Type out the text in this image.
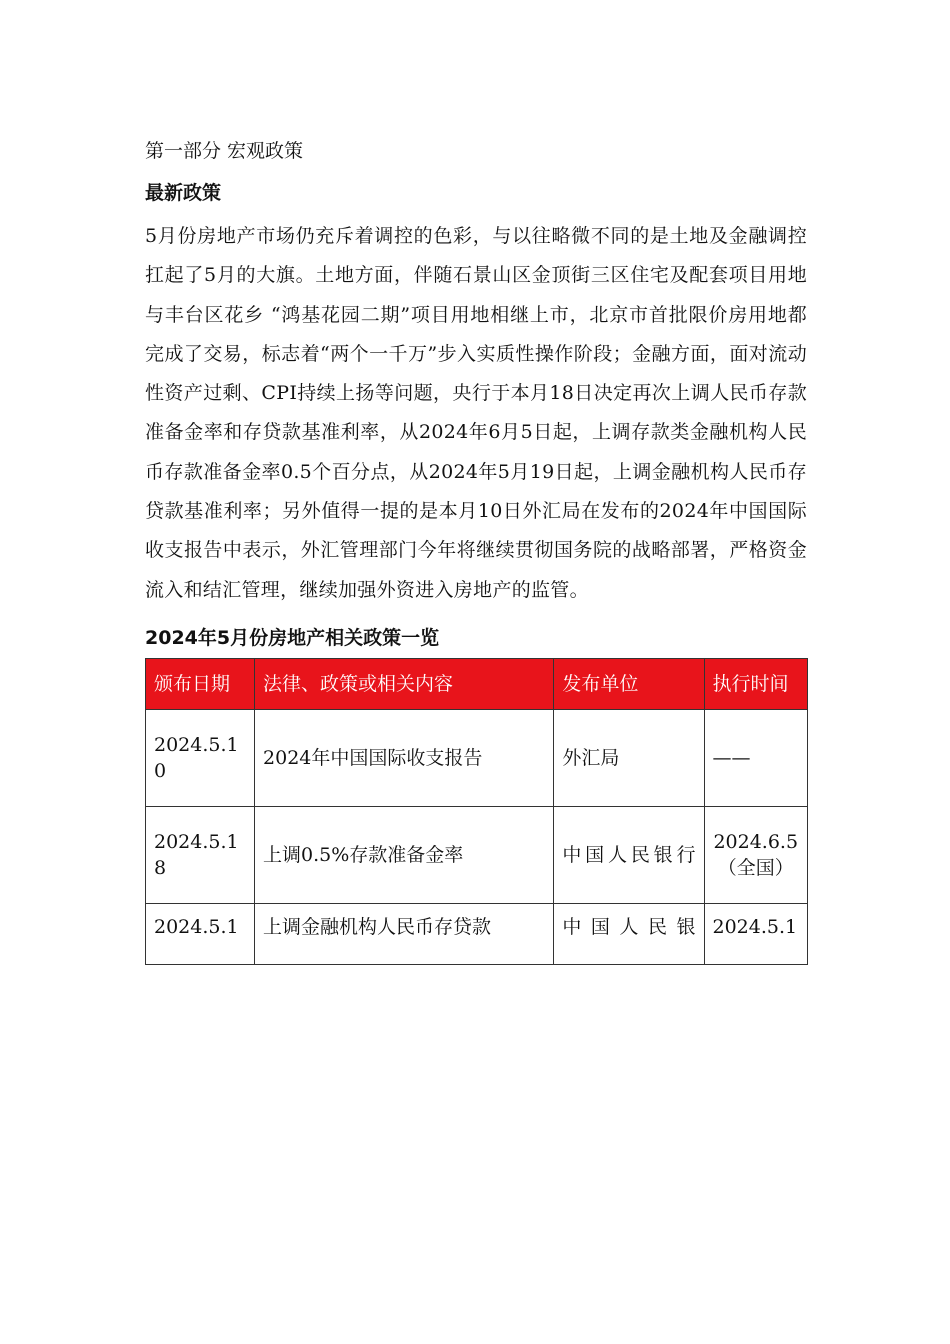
第一部分 宏观政策
最新政策

5月份房地产市场仍充斥着调控的色彩，与以往略微不同的是土地及金融调控扛起了5月的大旗。土地方面，伴随石景山区金顶街三区住宅及配套项目用地与丰台区花乡 “鸿基花园二期”项目用地相继上市，北京市首批限价房用地都完成了交易，标志着“两个一千万”步入实质性操作阶段；金融方面，面对流动性资产过剩、CPI持续上扬等问题，央行于本月18日决定再次上调人民币存款准备金率和存贷款基准利率，从2024年6月5日起，上调存款类金融机构人民币存款准备金率0.5个百分点，从2024年5月19日起，上调金融机构人民币存贷款基准利率；另外值得一提的是本月10日外汇局在发布的2024年中国国际收支报告中表示，外汇管理部门今年将继续贯彻国务院的战略部署，严格资金流入和结汇管理，继续加强外资进入房地产的监管。

2024年5月份房地产相关政策一览
颁布日期	法律、政策或相关内容	发布单位	执行时间
2024.5.10	2024年中国国际收支报告	外汇局	——
2024.5.18	上调0.5%存款准备金率	中国人民银行	2024.6.5（全国）
2024.5.1	上调金融机构人民币存贷款	中国人民银	2024.5.1
